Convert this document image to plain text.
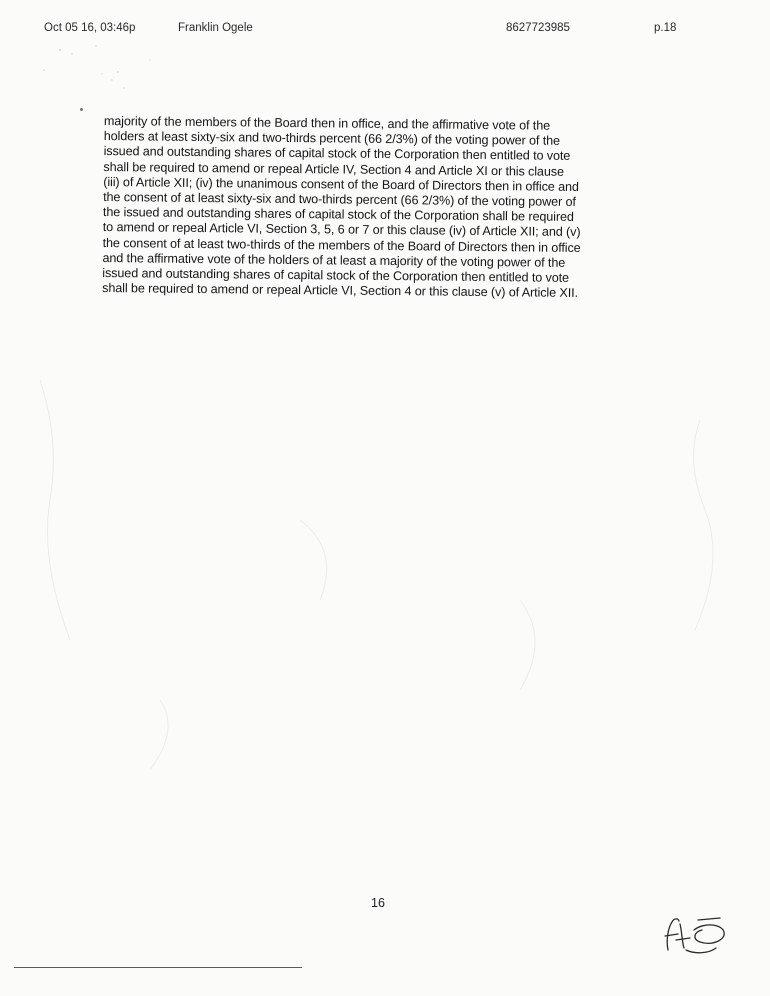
Oct 05 16, 03:46p	Franklin Ogele	8627723985	p.18
majority of the members of the Board then in office, and the affirmative vote of the
holders at least sixty-six and two-thirds percent (66 2/3%) of the voting power of the
issued and outstanding shares of capital stock of the Corporation then entitled to vote
shall be required to amend or repeal Article IV, Section 4 and Article XI or this clause
(iii) of Article XII; (iv) the unanimous consent of the Board of Directors then in office and
the consent of at least sixty-six and two-thirds percent (66 2/3%) of the voting power of
the issued and outstanding shares of capital stock of the Corporation shall be required
to amend or repeal Article VI, Section 3, 5, 6 or 7 or this clause (iv) of Article XII; and (v)
the consent of at least two-thirds of the members of the Board of Directors then in office
and the affirmative vote of the holders of at least a majority of the voting power of the
issued and outstanding shares of capital stock of the Corporation then entitled to vote
shall be required to amend or repeal Article VI, Section 4 or this clause (v) of Article XII.
16
